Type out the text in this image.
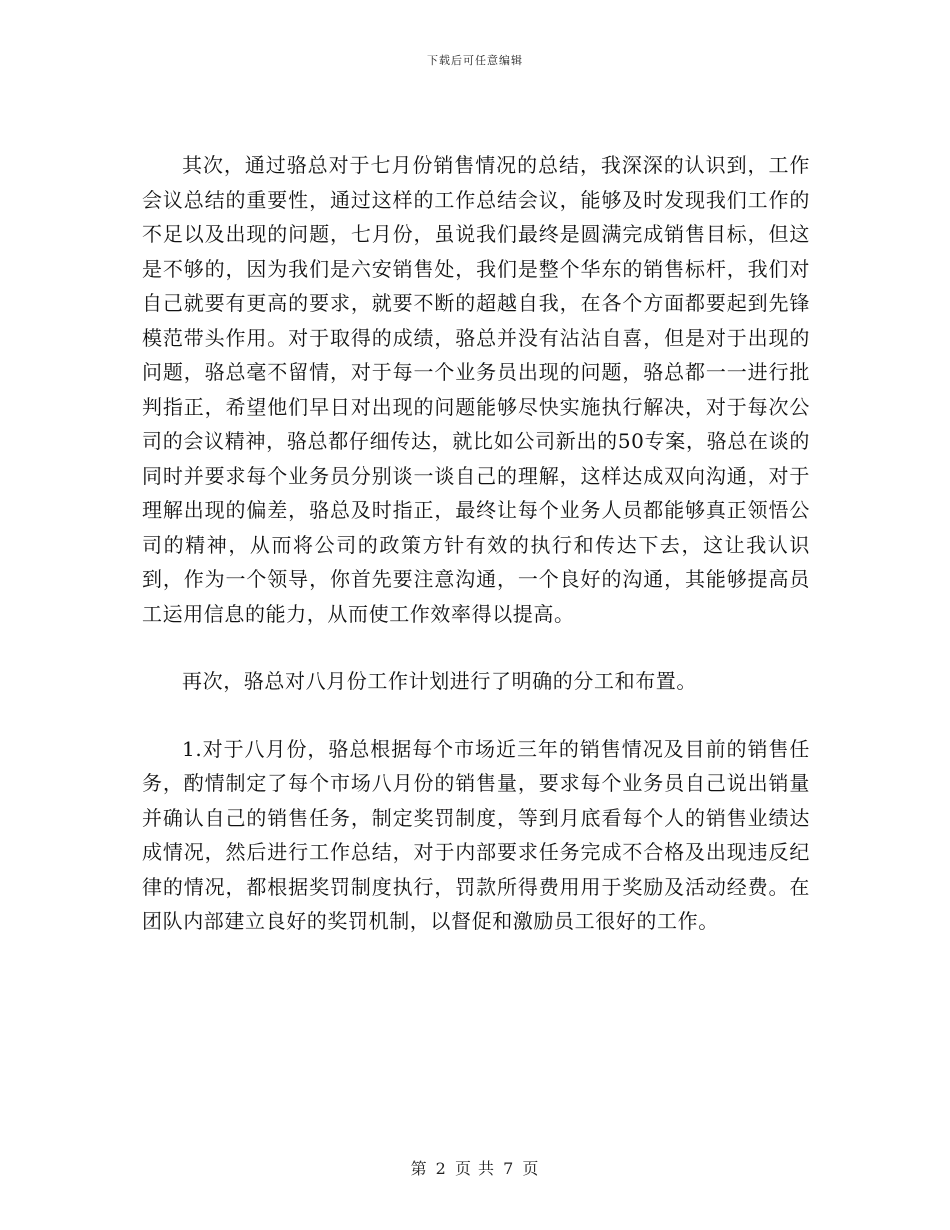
下载后可任意编辑

其次，通过骆总对于七月份销售情况的总结，我深深的认识到，工作会议总结的重要性，通过这样的工作总结会议，能够及时发现我们工作的不足以及出现的问题，七月份，虽说我们最终是圆满完成销售目标，但这是不够的，因为我们是六安销售处，我们是整个华东的销售标杆，我们对自己就要有更高的要求，就要不断的超越自我，在各个方面都要起到先锋模范带头作用。对于取得的成绩，骆总并没有沾沾自喜，但是对于出现的问题，骆总毫不留情，对于每一个业务员出现的问题，骆总都一一进行批判指正，希望他们早日对出现的问题能够尽快实施执行解决，对于每次公司的会议精神，骆总都仔细传达，就比如公司新出的50专案，骆总在谈的同时并要求每个业务员分别谈一谈自己的理解，这样达成双向沟通，对于理解出现的偏差，骆总及时指正，最终让每个业务人员都能够真正领悟公司的精神，从而将公司的政策方针有效的执行和传达下去，这让我认识到，作为一个领导，你首先要注意沟通，一个良好的沟通，其能够提高员工运用信息的能力，从而使工作效率得以提高。

再次，骆总对八月份工作计划进行了明确的分工和布置。

1.对于八月份，骆总根据每个市场近三年的销售情况及目前的销售任务，酌情制定了每个市场八月份的销售量，要求每个业务员自己说出销量并确认自己的销售任务，制定奖罚制度，等到月底看每个人的销售业绩达成情况，然后进行工作总结，对于内部要求任务完成不合格及出现违反纪律的情况，都根据奖罚制度执行，罚款所得费用用于奖励及活动经费。在团队内部建立良好的奖罚机制，以督促和激励员工很好的工作。

第 2 页 共 7 页
